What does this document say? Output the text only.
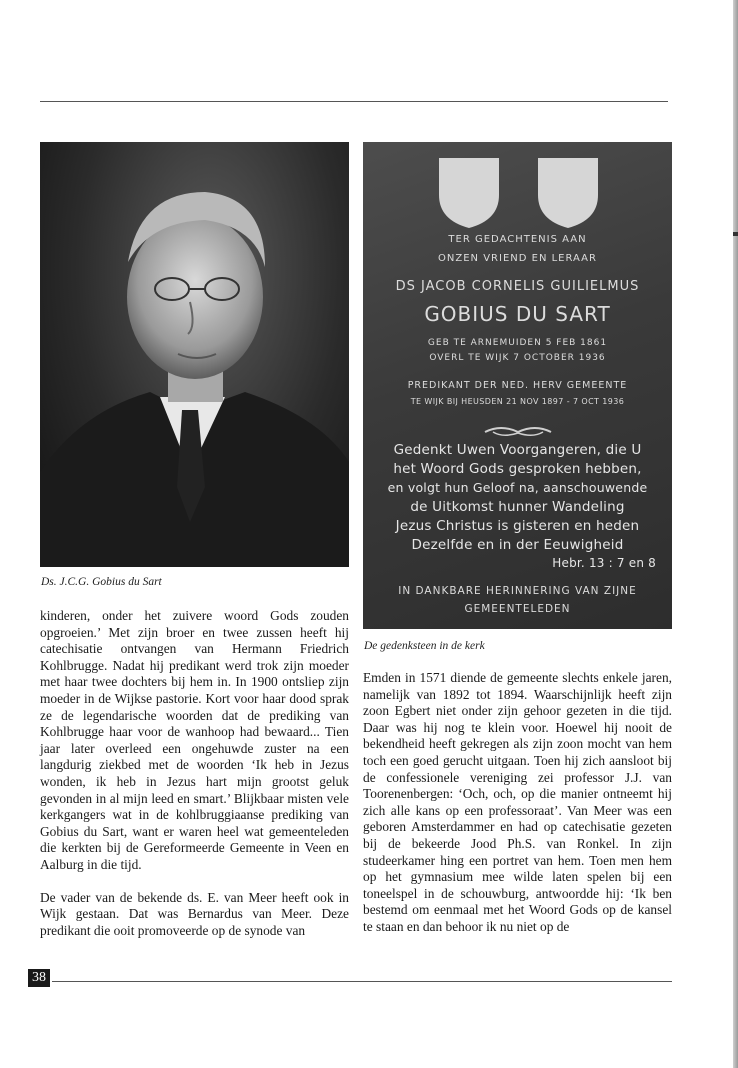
Ds. J.C.G. Gobius du Sart
TER GEDACHTENIS AAN
ONZEN VRIEND EN LERAAR
DS JACOB CORNELIS GUILIELMUS
GOBIUS DU SART
GEB TE ARNEMUIDEN 5 FEB 1861
OVERL TE WIJK 7 OCTOBER 1936
PREDIKANT DER NED. HERV GEMEENTE
TE WIJK BIJ HEUSDEN 21 NOV 1897 - 7 OCT 1936
Gedenkt Uwen Voorgangeren, die U
het Woord Gods gesproken hebben,
en volgt hun Geloof na, aanschouwende
de Uitkomst hunner Wandeling
Jezus Christus is gisteren en heden
Dezelfde en in der Eeuwigheid
Hebr. 13 : 7 en 8
IN DANKBARE HERINNERING VAN ZIJNE
GEMEENTELEDEN
De gedenksteen in de kerk

kinderen, onder het zuivere woord Gods zouden opgroeien.’ Met zijn broer en twee zussen heeft hij catechisatie ontvangen van Hermann Friedrich Kohlbrugge. Nadat hij predikant werd trok zijn moeder met haar twee dochters bij hem in. In 1900 ontsliep zijn moeder in de Wijkse pastorie. Kort voor haar dood sprak ze de legendarische woorden dat de prediking van Kohlbrugge haar voor de wanhoop had bewaard... Tien jaar later overleed een ongehuwde zuster na een langdurig ziekbed met de woorden ‘Ik heb in Jezus wonden, ik heb in Jezus hart mijn grootst geluk gevonden in al mijn leed en smart.’ Blijkbaar misten vele kerkgangers wat in de kohlbruggiaanse prediking van Gobius du Sart, want er waren heel wat gemeenteleden die kerkten bij de Gereformeerde Gemeente in Veen en Aalburg in die tijd.

De vader van de bekende ds. E. van Meer heeft ook in Wijk gestaan. Dat was Bernardus van Meer. Deze predikant die ooit promoveerde op de synode van

Emden in 1571 diende de gemeente slechts enkele jaren, namelijk van 1892 tot 1894. Waarschijnlijk heeft zijn zoon Egbert niet onder zijn gehoor gezeten in die tijd. Daar was hij nog te klein voor. Hoewel hij nooit de bekendheid heeft gekregen als zijn zoon mocht van hem toch een goed gerucht uitgaan. Toen hij zich aansloot bij de confessionele vereniging zei professor J.J. van Toorenenbergen: ‘Och, och, op die manier ontneemt hij zich alle kans op een professoraat’. Van Meer was een geboren Amsterdammer en had op catechisatie gezeten bij de bekeerde Jood Ph.S. van Ronkel. In zijn studeerkamer hing een portret van hem. Toen men hem op het gymnasium mee wilde laten spelen bij een toneelspel in de schouwburg, antwoordde hij: ‘Ik ben bestemd om eenmaal met het Woord Gods op de kansel te staan en dan behoor ik nu niet op de

38
